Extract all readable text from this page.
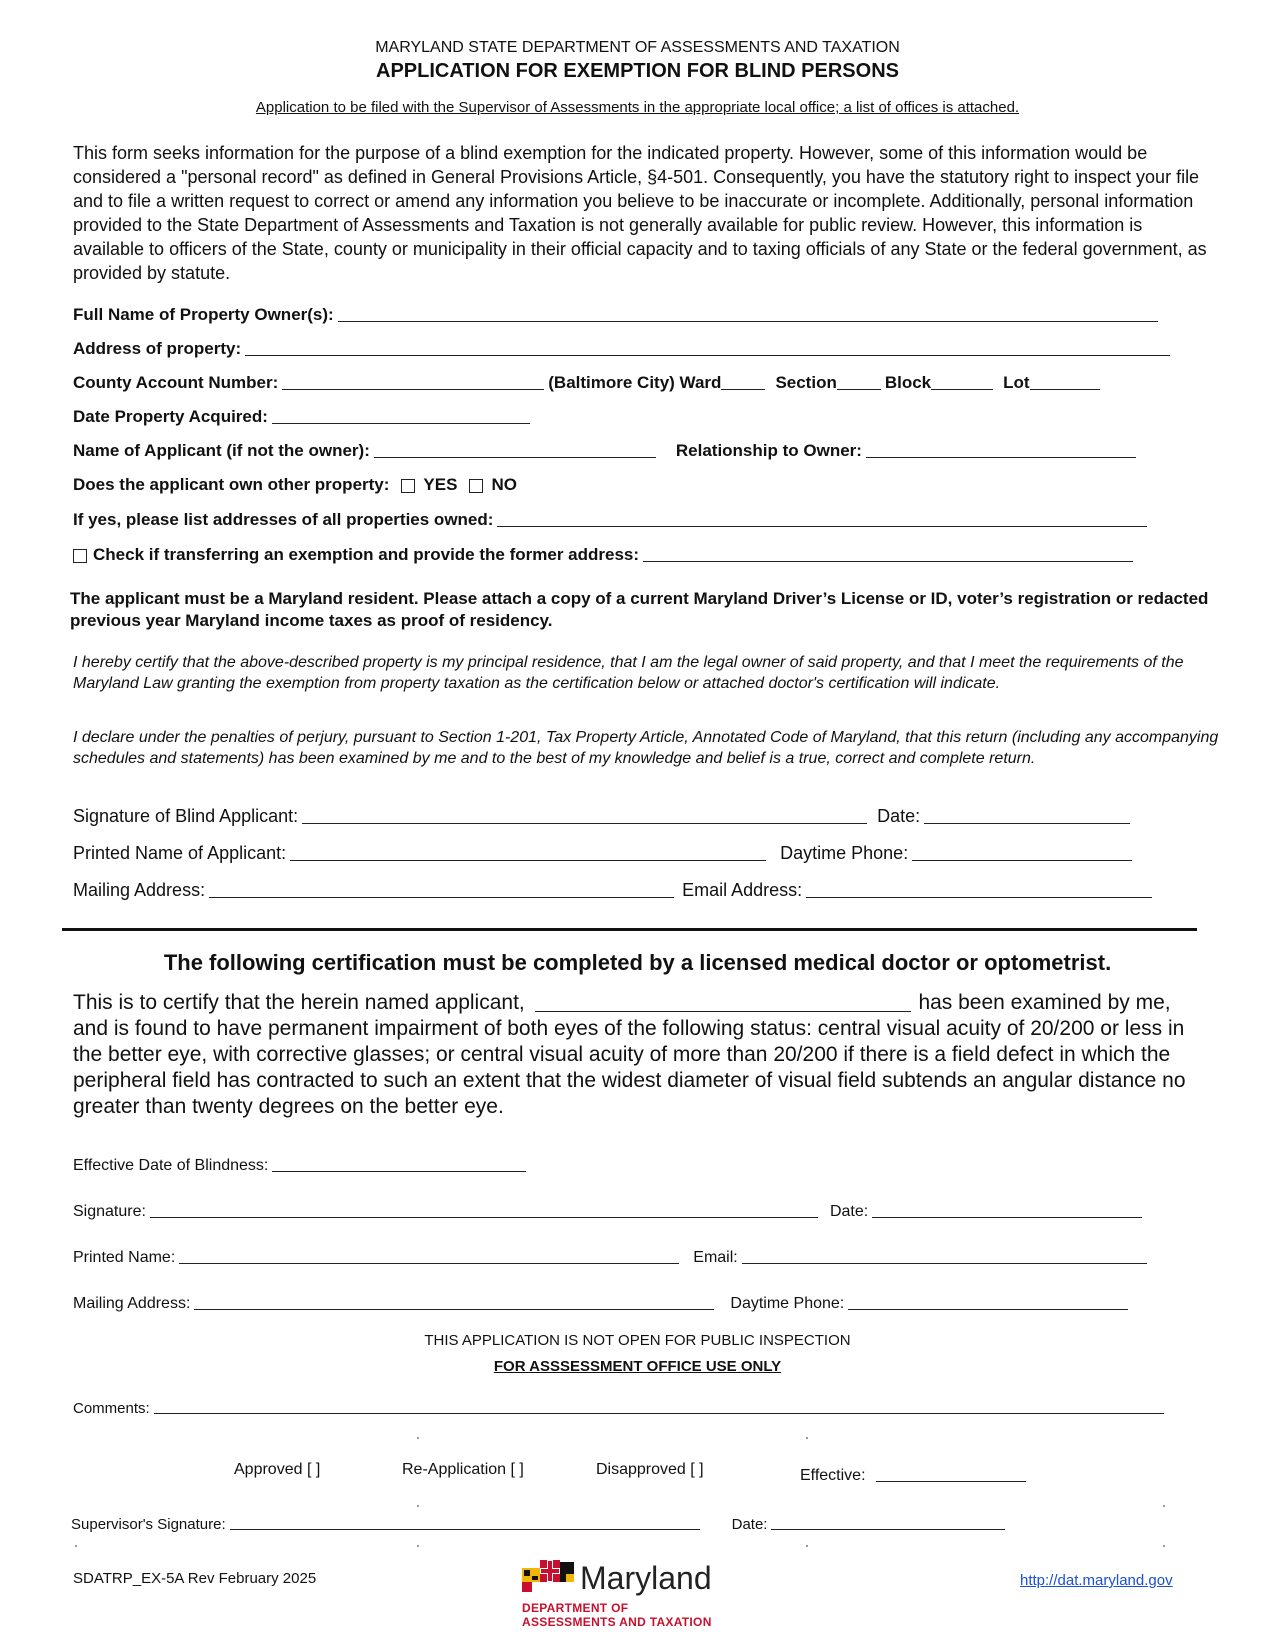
MARYLAND STATE DEPARTMENT OF ASSESSMENTS AND TAXATION
APPLICATION FOR EXEMPTION FOR BLIND PERSONS
Application to be filed with the Supervisor of Assessments in the appropriate local office; a list of offices is attached.
This form seeks information for the purpose of a blind exemption for the indicated property. However, some of this information would be considered a "personal record" as defined in General Provisions Article, §4-501. Consequently, you have the statutory right to inspect your file and to file a written request to correct or amend any information you believe to be inaccurate or incomplete. Additionally, personal information provided to the State Department of Assessments and Taxation is not generally available for public review. However, this information is available to officers of the State, county or municipality in their official capacity and to taxing officials of any State or the federal government, as provided by statute.
Full Name of Property Owner(s):
Address of property:
County Account Number:	(Baltimore City) Ward	Section	Block	Lot
Date Property Acquired:
Name of Applicant (if not the owner):	Relationship to Owner:
Does the applicant own other property: YES NO
If yes, please list addresses of all properties owned:
Check if transferring an exemption and provide the former address:
The applicant must be a Maryland resident. Please attach a copy of a current Maryland Driver’s License or ID, voter’s registration or redacted previous year Maryland income taxes as proof of residency.
I hereby certify that the above-described property is my principal residence, that I am the legal owner of said property, and that I meet the requirements of the Maryland Law granting the exemption from property taxation as the certification below or attached doctor's certification will indicate.
I declare under the penalties of perjury, pursuant to Section 1-201, Tax Property Article, Annotated Code of Maryland, that this return (including any accompanying schedules and statements) has been examined by me and to the best of my knowledge and belief is a true, correct and complete return.
Signature of Blind Applicant:	Date:
Printed Name of Applicant:	Daytime Phone:
Mailing Address:	Email Address:
The following certification must be completed by a licensed medical doctor or optometrist.
This is to certify that the herein named applicant,	has been examined by me, and is found to have permanent impairment of both eyes of the following status: central visual acuity of 20/200 or less in the better eye, with corrective glasses; or central visual acuity of more than 20/200 if there is a field defect in which the peripheral field has contracted to such an extent that the widest diameter of visual field subtends an angular distance no greater than twenty degrees on the better eye.
Effective Date of Blindness:
Signature:	Date:
Printed Name:	Email:
Mailing Address:	Daytime Phone:
THIS APPLICATION IS NOT OPEN FOR PUBLIC INSPECTION
FOR ASSSESSMENT OFFICE USE ONLY
Comments:
Approved [ ]	Re-Application [ ]	Disapproved [ ]	Effective:
Supervisor's Signature:	Date:
SDATRP_EX-5A Rev February 2025	Maryland
DEPARTMENT OF
ASSESSMENTS AND TAXATION
http://dat.maryland.gov
